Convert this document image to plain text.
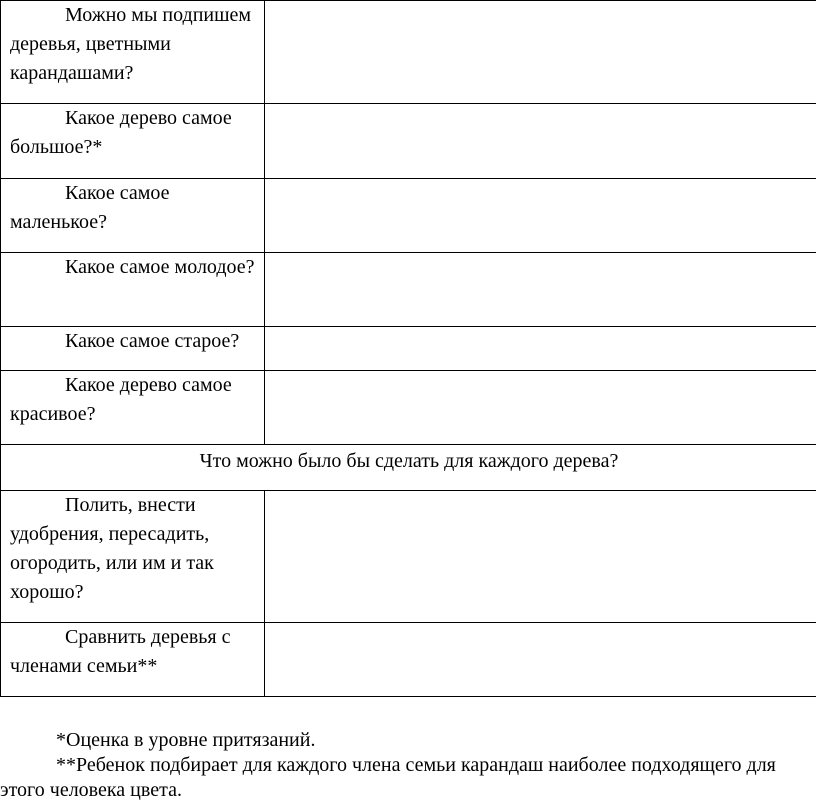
Можно мы подпишем деревья, цветными карандашами?	

Какое дерево самое большое?*	

Какое самое маленькое?	

Какое самое молодое?	

Какое самое старое?	

Какое дерево самое красивое?	

Что можно было бы сделать для каждого дерева?	

Полить, внести удобрения, пересадить, огородить, или им и так хорошо?	

Сравнить деревья с членами семьи**	

*Оценка в уровне притязаний.

**Ребенок подбирает для каждого члена семьи карандаш наиболее подходящего для этого человека цвета.
